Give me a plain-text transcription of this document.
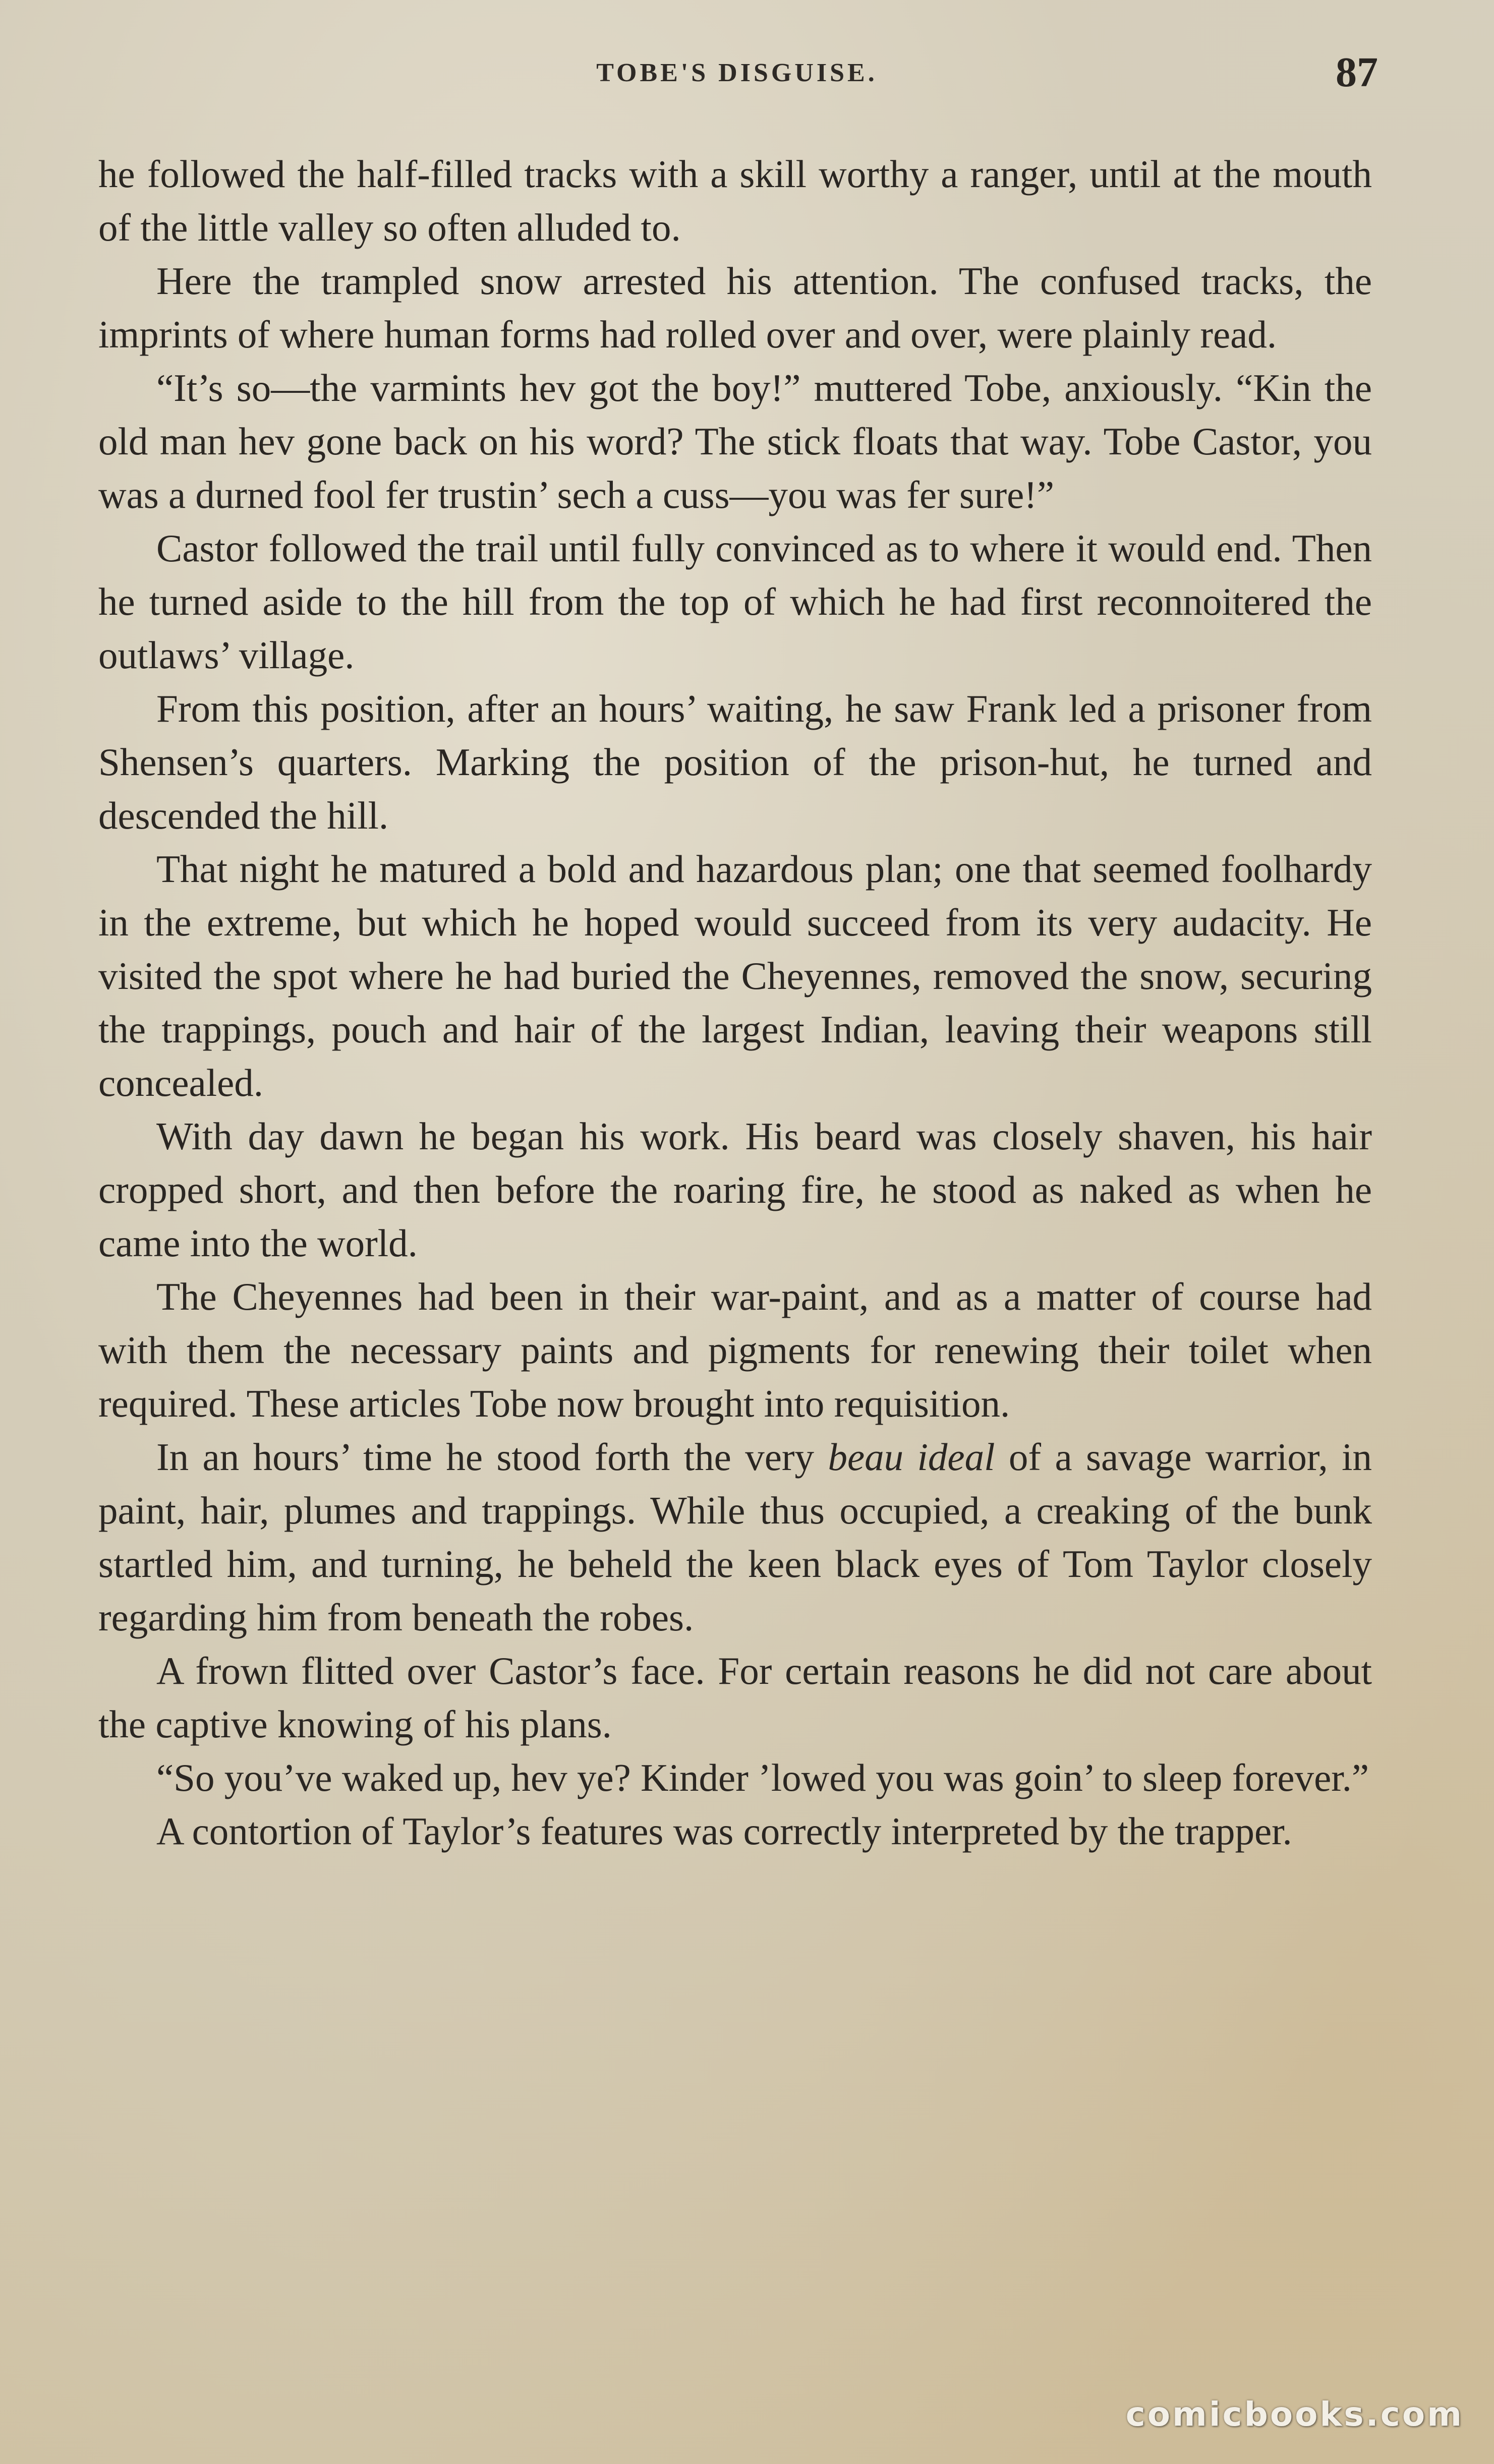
TOBE'S DISGUISE.	87

he followed the half-filled tracks with a skill worthy a ranger, until at the mouth of the little valley so often alluded to.

Here the trampled snow arrested his attention. The confused tracks, the imprints of where human forms had rolled over and over, were plainly read.

“It’s so—the varmints hev got the boy!” muttered Tobe, anxiously. “Kin the old man hev gone back on his word? The stick floats that way. Tobe Castor, you was a durned fool fer trustin’ sech a cuss—you was fer sure!”

Castor followed the trail until fully convinced as to where it would end. Then he turned aside to the hill from the top of which he had first reconnoitered the outlaws’ village.

From this position, after an hours’ waiting, he saw Frank led a prisoner from Shensen’s quarters. Marking the position of the prison-hut, he turned and descended the hill.

That night he matured a bold and hazardous plan; one that seemed foolhardy in the extreme, but which he hoped would succeed from its very audacity. He visited the spot where he had buried the Cheyennes, removed the snow, securing the trappings, pouch and hair of the largest Indian, leaving their weapons still concealed.

With day dawn he began his work. His beard was closely shaven, his hair cropped short, and then before the roaring fire, he stood as naked as when he came into the world.

The Cheyennes had been in their war-paint, and as a matter of course had with them the necessary paints and pigments for renewing their toilet when required. These articles Tobe now brought into requisition.

In an hours’ time he stood forth the very beau ideal of a savage warrior, in paint, hair, plumes and trappings. While thus occupied, a creaking of the bunk startled him, and turning, he beheld the keen black eyes of Tom Taylor closely regarding him from beneath the robes.

A frown flitted over Castor’s face. For certain reasons he did not care about the captive knowing of his plans.

“So you’ve waked up, hev ye? Kinder ’lowed you was goin’ to sleep forever.”

A contortion of Taylor’s features was correctly interpreted by the trapper.

comicbooks.com
